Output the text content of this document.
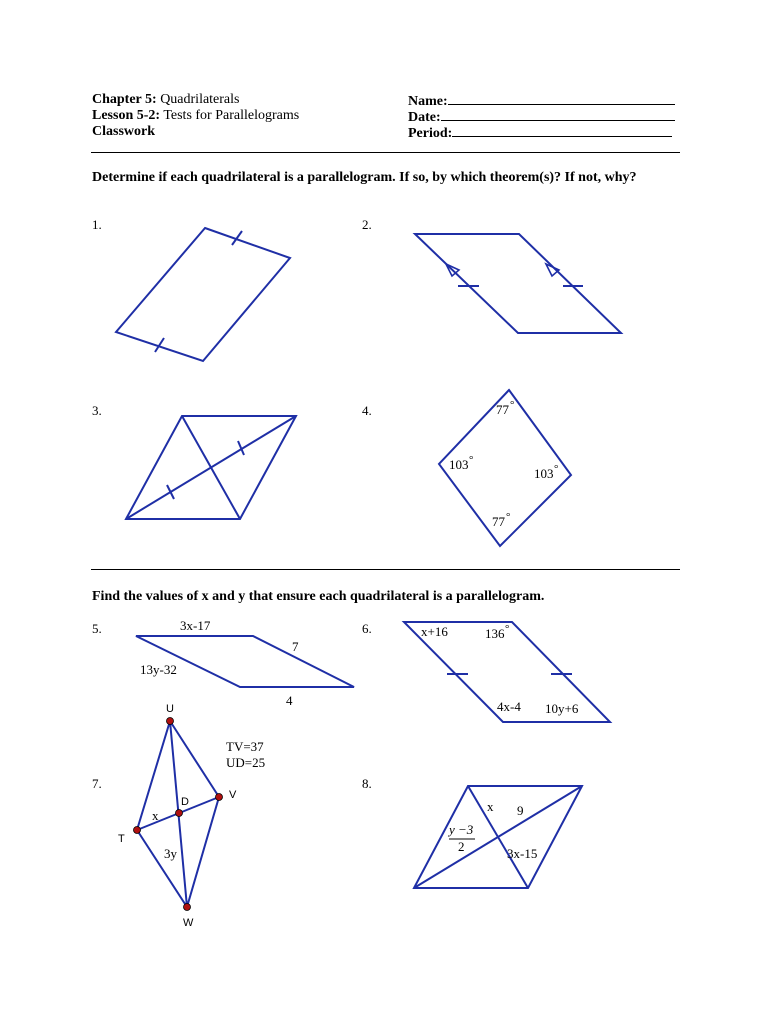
Chapter 5: Quadrilaterals
Lesson 5-2: Tests for Parallelograms
Classwork
Name:
Date:
Period:
Determine if each quadrilateral is a parallelogram. If so, by which theorem(s)? If not, why?
1.	2.
3.	4.
Find the values of x and y that ensure each quadrilateral is a parallelogram.
5.	6.
7.	8.
77 °
103 °
103 °
77 °
3x-17
7
13y-32
4
x+16	136 °
4x-4 10y+6
TV=37
UD=25
U
V
T
W
D
x
3y
x 9
y −3
2	3x-15
